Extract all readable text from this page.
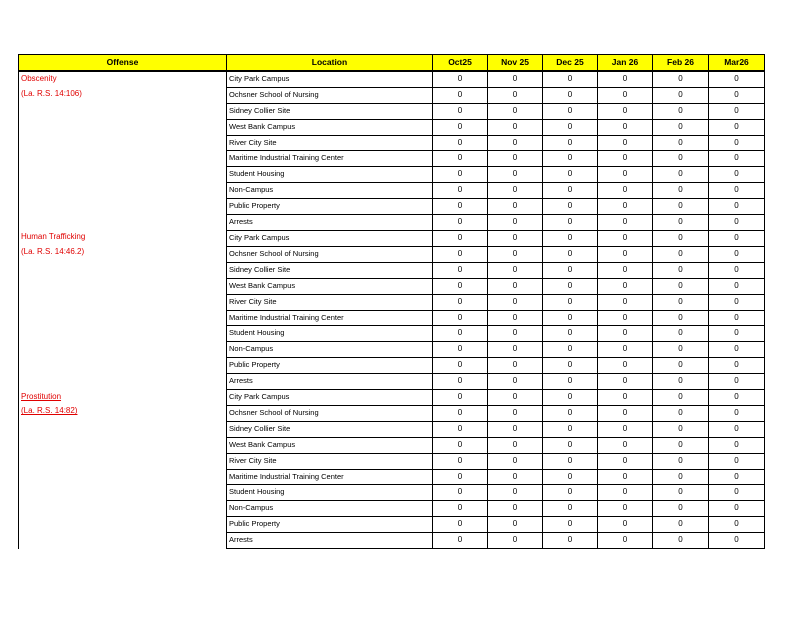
Offense	Location	Oct25	Nov 25	Dec 25	Jan 26	Feb 26	Mar26

Obscenity
(La. R.S. 14:106)	City Park Campus	0	0	0	0	0	0
	Ochsner School of Nursing	0	0	0	0	0	0
	Sidney Collier Site	0	0	0	0	0	0
	West Bank Campus	0	0	0	0	0	0
	River City Site	0	0	0	0	0	0
	Maritime Industrial Training Center	0	0	0	0	0	0
	Student Housing	0	0	0	0	0	0
	Non-Campus	0	0	0	0	0	0
	Public Property	0	0	0	0	0	0
	Arrests	0	0	0	0	0	0

Human Trafficking
(La. R.S. 14:46.2)	City Park Campus	0	0	0	0	0	0
	Ochsner School of Nursing	0	0	0	0	0	0
	Sidney Collier Site	0	0	0	0	0	0
	West Bank Campus	0	0	0	0	0	0
	River City Site	0	0	0	0	0	0
	Maritime Industrial Training Center	0	0	0	0	0	0
	Student Housing	0	0	0	0	0	0
	Non-Campus	0	0	0	0	0	0
	Public Property	0	0	0	0	0	0
	Arrests	0	0	0	0	0	0

Prostitution
(La. R.S. 14:82)	City Park Campus	0	0	0	0	0	0
	Ochsner School of Nursing	0	0	0	0	0	0
	Sidney Collier Site	0	0	0	0	0	0
	West Bank Campus	0	0	0	0	0	0
	River City Site	0	0	0	0	0	0
	Maritime Industrial Training Center	0	0	0	0	0	0
	Student Housing	0	0	0	0	0	0
	Non-Campus	0	0	0	0	0	0
	Public Property	0	0	0	0	0	0
	Arrests	0	0	0	0	0	0
